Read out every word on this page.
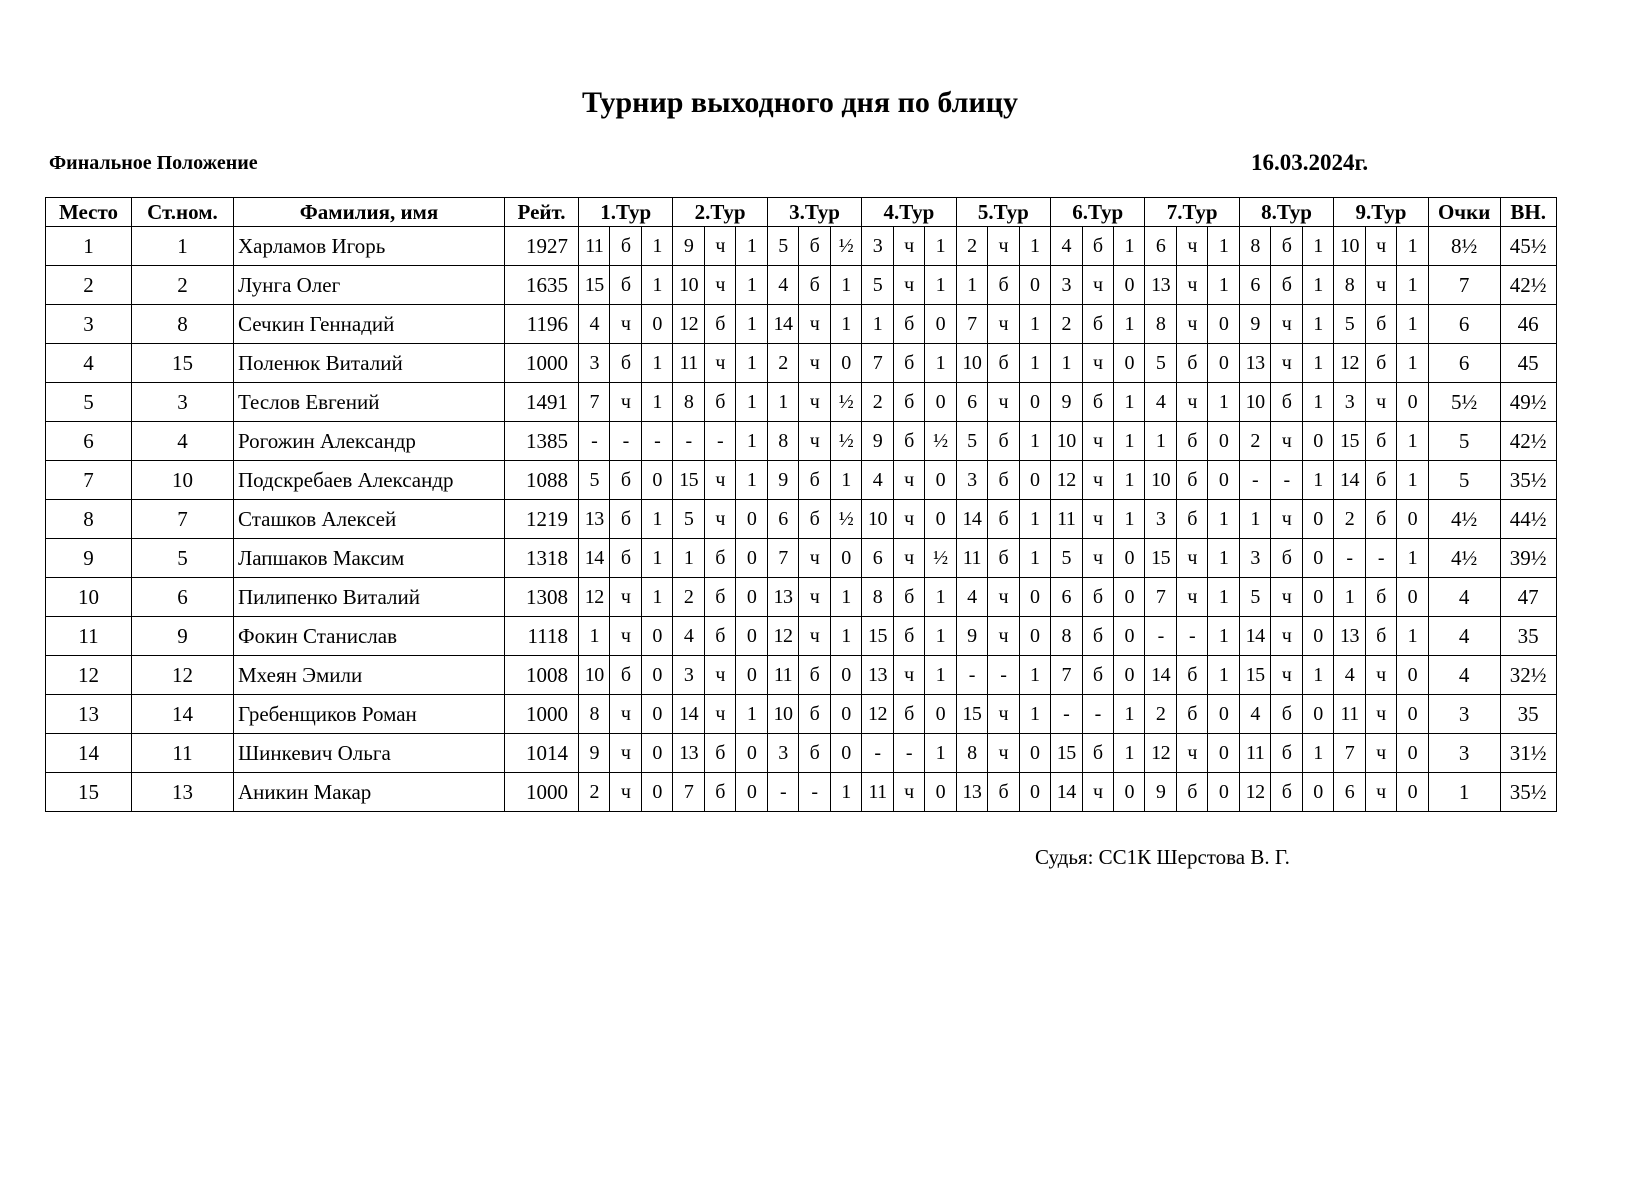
Турнир выходного дня по блицу
Финальное Положение	16.03.2024г.
Место	Ст.ном.	Фамилия, имя	Рейт.	1.Тур			2.Тур			3.Тур			4.Тур			5.Тур			6.Тур			7.Тур			8.Тур			9.Тур			Очки	ВН.
1	1	Харламов Игорь	1927	11	б	1	9	ч	1	5	б	½	3	ч	1	2	ч	1	4	б	1	6	ч	1	8	б	1	10	ч	1	8½	45½
2	2	Лунга Олег	1635	15	б	1	10	ч	1	4	б	1	5	ч	1	1	б	0	3	ч	0	13	ч	1	6	б	1	8	ч	1	7	42½
3	8	Сечкин Геннадий	1196	4	ч	0	12	б	1	14	ч	1	1	б	0	7	ч	1	2	б	1	8	ч	0	9	ч	1	5	б	1	6	46
4	15	Поленюк Виталий	1000	3	б	1	11	ч	1	2	ч	0	7	б	1	10	б	1	1	ч	0	5	б	0	13	ч	1	12	б	1	6	45
5	3	Теслов Евгений	1491	7	ч	1	8	б	1	1	ч	½	2	б	0	6	ч	0	9	б	1	4	ч	1	10	б	1	3	ч	0	5½	49½
6	4	Рогожин Александр	1385	-	-	-	-	-	1	8	ч	½	9	б	½	5	б	1	10	ч	1	1	б	0	2	ч	0	15	б	1	5	42½
7	10	Подскребаев Александр	1088	5	б	0	15	ч	1	9	б	1	4	ч	0	3	б	0	12	ч	1	10	б	0	-	-	1	14	б	1	5	35½
8	7	Сташков Алексей	1219	13	б	1	5	ч	0	6	б	½	10	ч	0	14	б	1	11	ч	1	3	б	1	1	ч	0	2	б	0	4½	44½
9	5	Лапшаков Максим	1318	14	б	1	1	б	0	7	ч	0	6	ч	½	11	б	1	5	ч	0	15	ч	1	3	б	0	-	-	1	4½	39½
10	6	Пилипенко Виталий	1308	12	ч	1	2	б	0	13	ч	1	8	б	1	4	ч	0	6	б	0	7	ч	1	5	ч	0	1	б	0	4	47
11	9	Фокин Станислав	1118	1	ч	0	4	б	0	12	ч	1	15	б	1	9	ч	0	8	б	0	-	-	1	14	ч	0	13	б	1	4	35
12	12	Мхеян Эмили	1008	10	б	0	3	ч	0	11	б	0	13	ч	1	-	-	1	7	б	0	14	б	1	15	ч	1	4	ч	0	4	32½
13	14	Гребенщиков Роман	1000	8	ч	0	14	ч	1	10	б	0	12	б	0	15	ч	1	-	-	1	2	б	0	4	б	0	11	ч	0	3	35
14	11	Шинкевич Ольга	1014	9	ч	0	13	б	0	3	б	0	-	-	1	8	ч	0	15	б	1	12	ч	0	11	б	1	7	ч	0	3	31½
15	13	Аникин Макар	1000	2	ч	0	7	б	0	-	-	1	11	ч	0	13	б	0	14	ч	0	9	б	0	12	б	0	6	ч	0	1	35½
Судья: СС1К Шерстова В. Г.
